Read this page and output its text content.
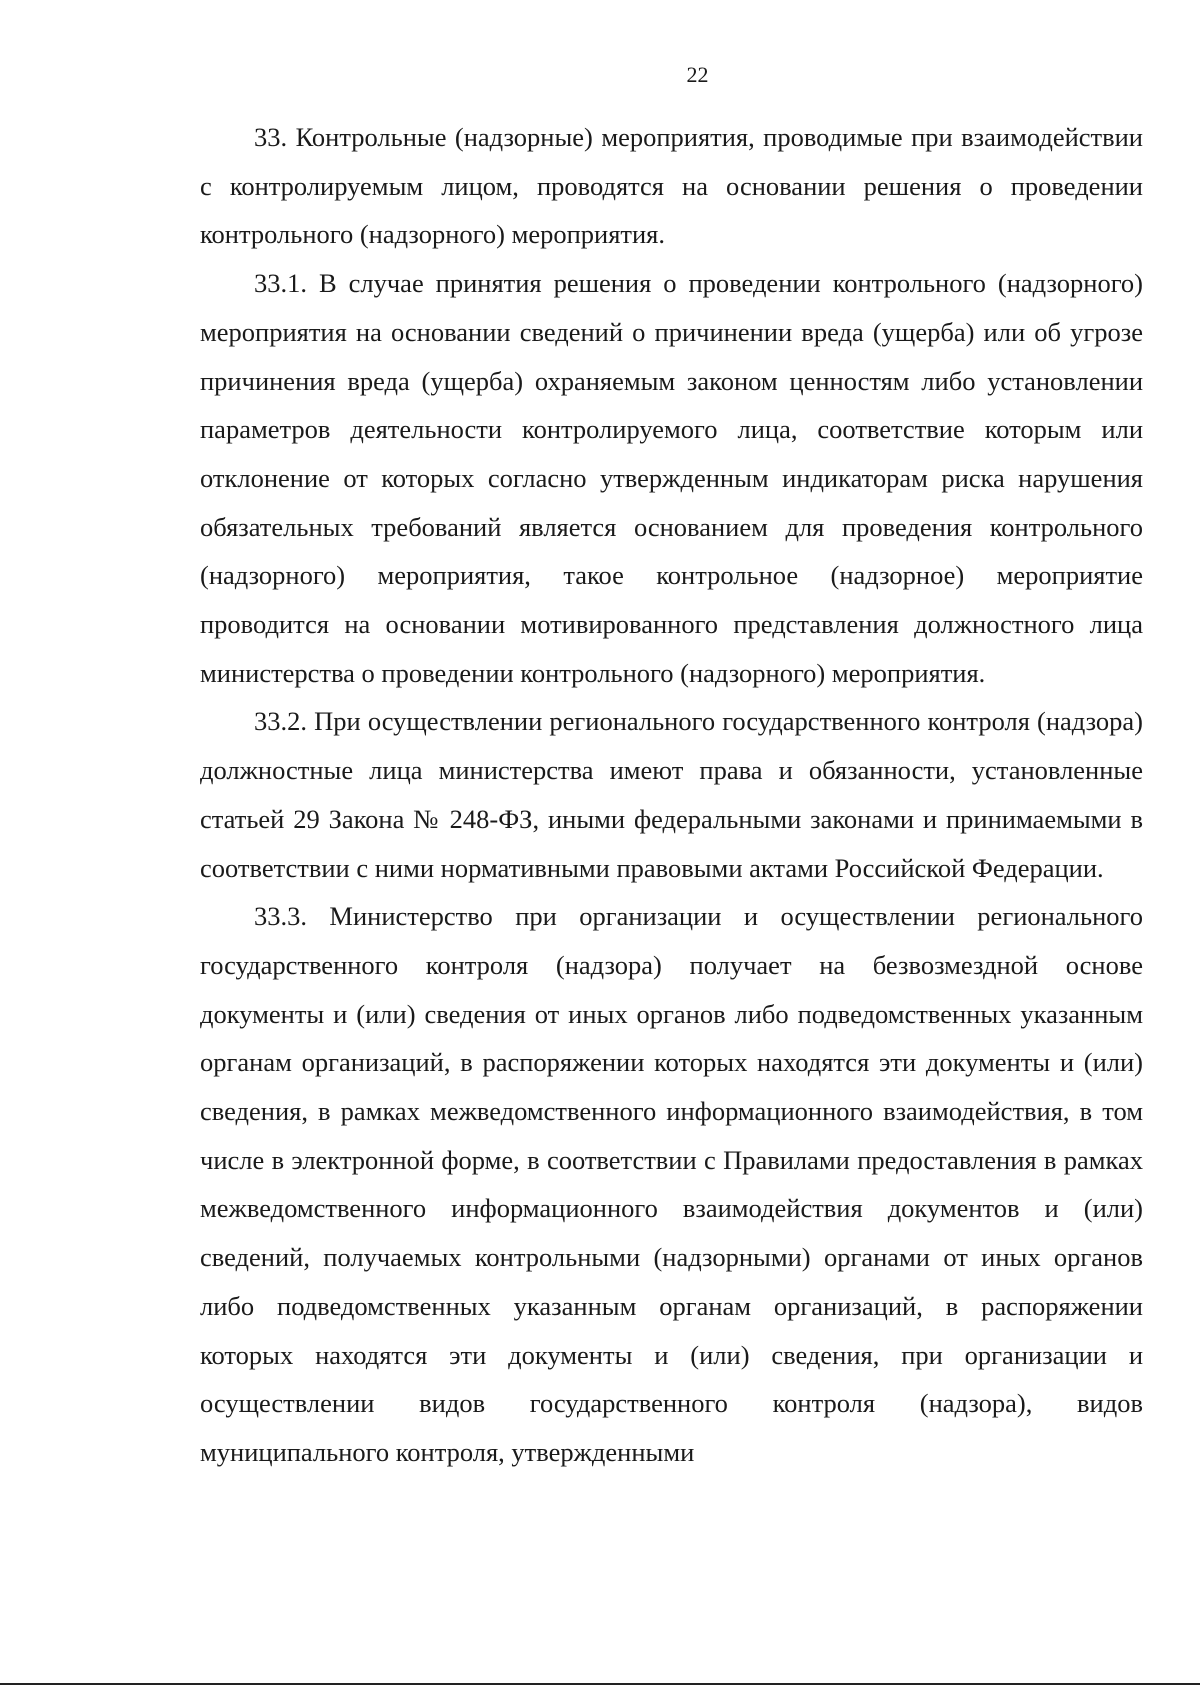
22

33. Контрольные (надзорные) мероприятия, проводимые при взаимодействии с контролируемым лицом, проводятся на основании решения о проведении контрольного (надзорного) мероприятия.

33.1. В случае принятия решения о проведении контрольного (надзорного) мероприятия на основании сведений о причинении вреда (ущерба) или об угрозе причинения вреда (ущерба) охраняемым законом ценностям либо установлении параметров деятельности контролируемого лица, соответствие которым или отклонение от которых согласно утвержденным индикаторам риска нарушения обязательных требований является основанием для проведения контрольного (надзорного) мероприятия, такое контрольное (надзорное) мероприятие проводится на основании мотивированного представления должностного лица министерства о проведении контрольного (надзорного) мероприятия.

33.2. При осуществлении регионального государственного контроля (надзора) должностные лица министерства имеют права и обязанности, установленные статьей 29 Закона № 248-ФЗ, иными федеральными законами и принимаемыми в соответствии с ними нормативными правовыми актами Российской Федерации.

33.3. Министерство при организации и осуществлении регионального государственного контроля (надзора) получает на безвозмездной основе документы и (или) сведения от иных органов либо подведомственных указанным органам организаций, в распоряжении которых находятся эти документы и (или) сведения, в рамках межведомственного информационного взаимодействия, в том числе в электронной форме, в соответствии с Правилами предоставления в рамках межведомственного информационного взаимодействия документов и (или) сведений, получаемых контрольными (надзорными) органами от иных органов либо подведомственных указанным органам организаций, в распоряжении которых находятся эти документы и (или) сведения, при организации и осуществлении видов государственного контроля (надзора), видов муниципального контроля, утвержденными
